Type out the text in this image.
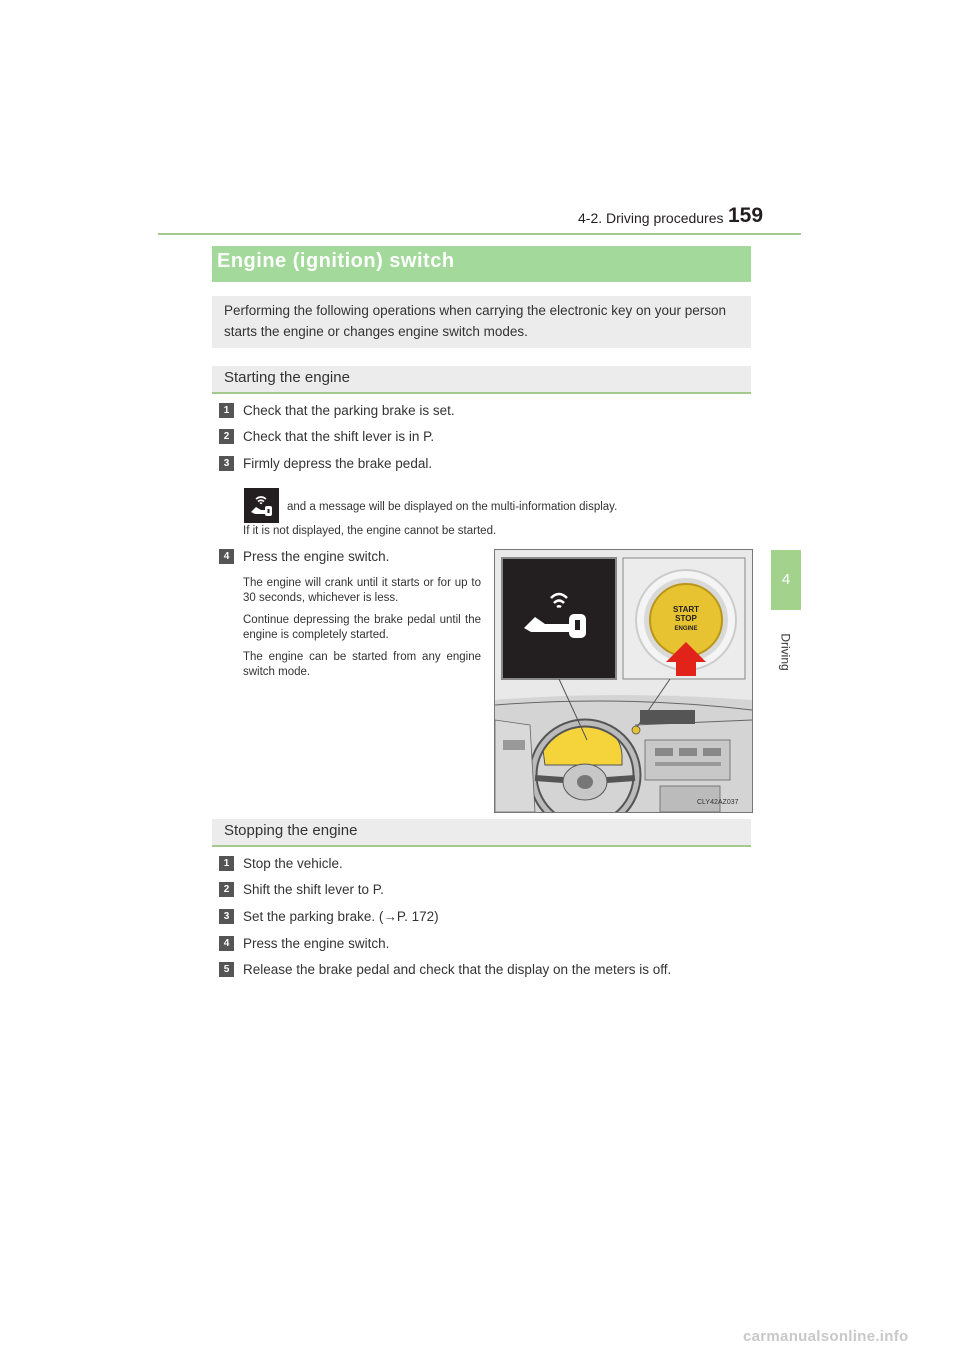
4-2. Driving procedures 159
4
Driving
Engine (ignition) switch
Performing the following operations when carrying the electronic key on your person starts the engine or changes engine switch modes.
Starting the engine
1	Check that the parking brake is set.
2	Check that the shift lever is in P.
3	Firmly depress the brake pedal.
and a message will be displayed on the multi-information display.
If it is not displayed, the engine cannot be started.
4	Press the engine switch.
The engine will crank until it starts or for up to 30 seconds, whichever is less.
Continue depressing the brake pedal until the engine is completely started.
The engine can be started from any engine switch mode.
START
STOP
ENGINE
CLY42AZ037
Stopping the engine
1	Stop the vehicle.
2	Shift the shift lever to P.
3	Set the parking brake. (→P. 172)
4	Press the engine switch.
5	Release the brake pedal and check that the display on the meters is off.
carmanualsonline.info
